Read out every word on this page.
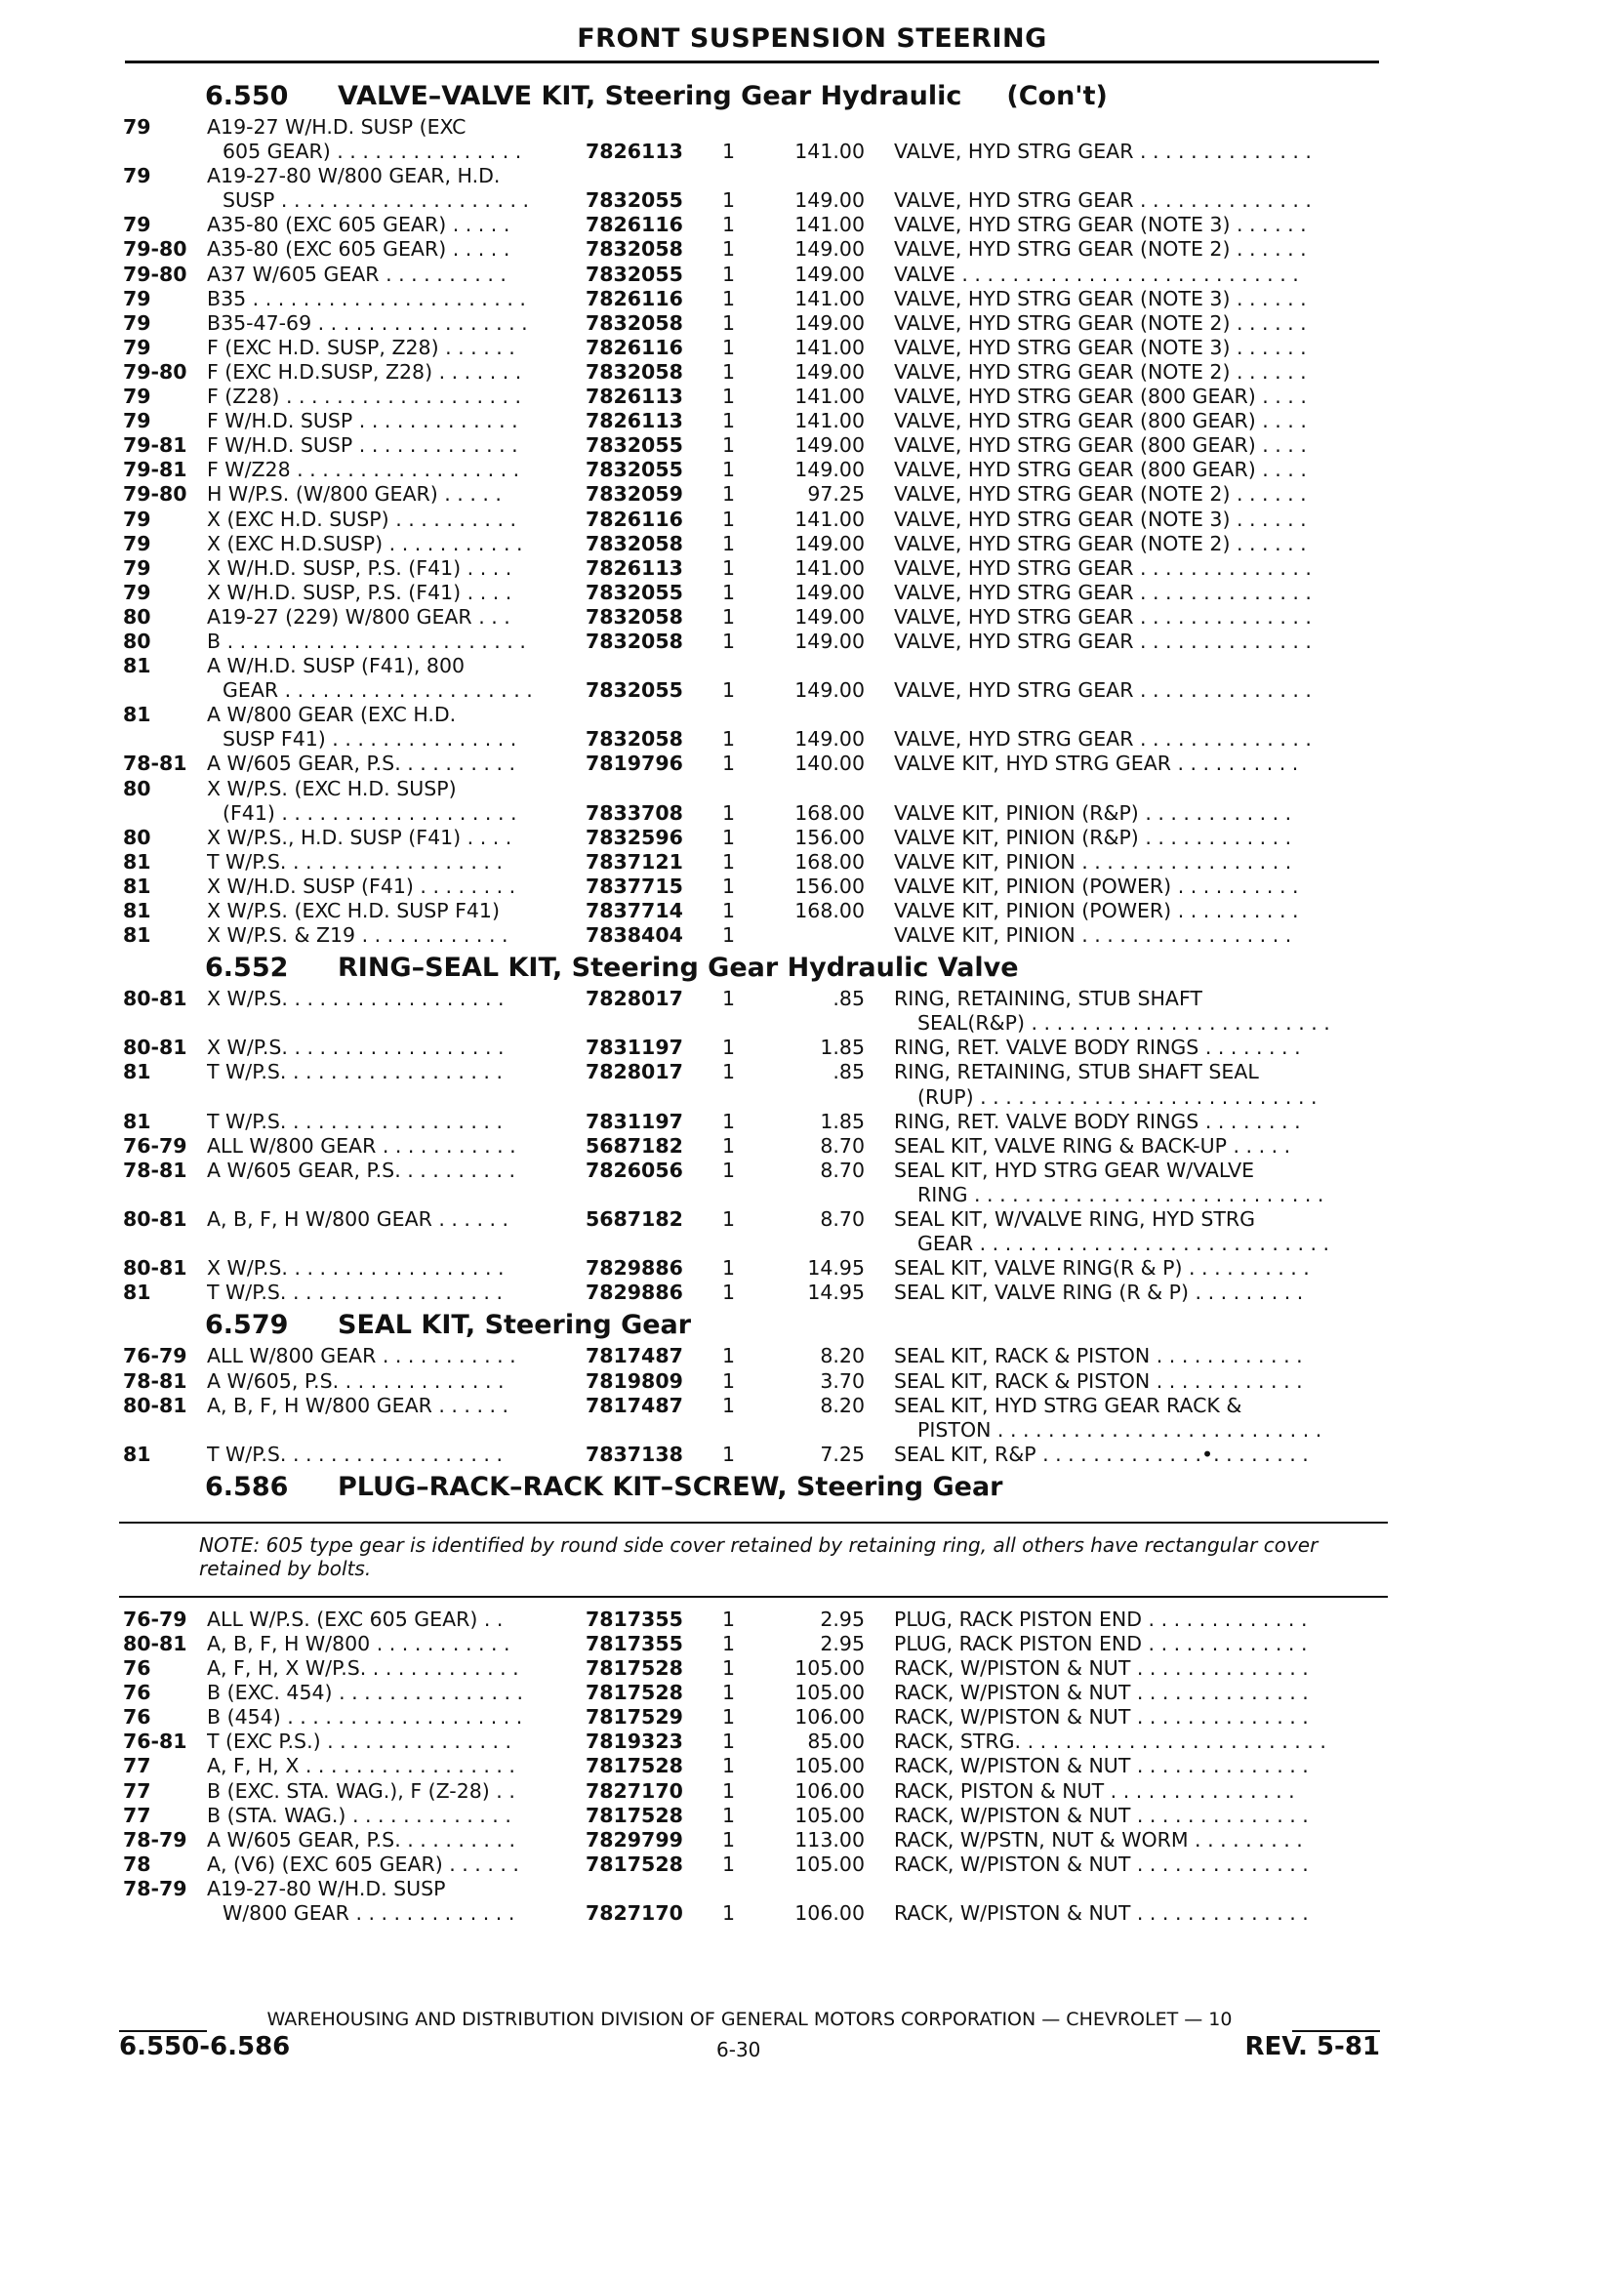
FRONT SUSPENSION STEERING
6.550	VALVE–VALVE KIT, Steering Gear Hydraulic (Con't)
79	A19-27 W/H.D. SUSP (EXC
605 GEAR) . . . . . . . . . . . . . . .	7826113 1	141.00 VALVE, HYD STRG GEAR . . . . . . . . . . . . . .
79	A19-27-80 W/800 GEAR, H.D.
SUSP . . . . . . . . . . . . . . . . . . . .	7832055 1	149.00 VALVE, HYD STRG GEAR . . . . . . . . . . . . . .
79	A35-80 (EXC 605 GEAR) . . . . .	7826116 1	141.00 VALVE, HYD STRG GEAR (NOTE 3) . . . . . .
79-80 A35-80 (EXC 605 GEAR) . . . . .	7832058 1	149.00 VALVE, HYD STRG GEAR (NOTE 2) . . . . . .
79-80 A37 W/605 GEAR . . . . . . . . . .	7832055 1	149.00 VALVE . . . . . . . . . . . . . . . . . . . . . . . . . . .
79	B35 . . . . . . . . . . . . . . . . . . . . . .	7826116 1	141.00 VALVE, HYD STRG GEAR (NOTE 3) . . . . . .
79	B35-47-69 . . . . . . . . . . . . . . . . .	7832058 1	149.00 VALVE, HYD STRG GEAR (NOTE 2) . . . . . .
79	F (EXC H.D. SUSP, Z28) . . . . . .	7826116 1	141.00 VALVE, HYD STRG GEAR (NOTE 3) . . . . . .
79-80 F (EXC H.D.SUSP, Z28) . . . . . . .	7832058 1	149.00 VALVE, HYD STRG GEAR (NOTE 2) . . . . . .
79	F (Z28) . . . . . . . . . . . . . . . . . . .	7826113 1	141.00 VALVE, HYD STRG GEAR (800 GEAR) . . . .
79	F W/H.D. SUSP . . . . . . . . . . . . .	7826113 1	141.00 VALVE, HYD STRG GEAR (800 GEAR) . . . .
79-81 F W/H.D. SUSP . . . . . . . . . . . . .	7832055 1	149.00 VALVE, HYD STRG GEAR (800 GEAR) . . . .
79-81 F W/Z28 . . . . . . . . . . . . . . . . . .	7832055 1	149.00 VALVE, HYD STRG GEAR (800 GEAR) . . . .
79-80 H W/P.S. (W/800 GEAR) . . . . .	7832059 1	97.25 VALVE, HYD STRG GEAR (NOTE 2) . . . . . .
79	X (EXC H.D. SUSP) . . . . . . . . . .	7826116 1	141.00 VALVE, HYD STRG GEAR (NOTE 3) . . . . . .
79	X (EXC H.D.SUSP) . . . . . . . . . . .	7832058 1	149.00 VALVE, HYD STRG GEAR (NOTE 2) . . . . . .
79	X W/H.D. SUSP, P.S. (F41) . . . .	7826113 1	141.00 VALVE, HYD STRG GEAR . . . . . . . . . . . . . .
79	X W/H.D. SUSP, P.S. (F41) . . . .	7832055 1	149.00 VALVE, HYD STRG GEAR . . . . . . . . . . . . . .
80	A19-27 (229) W/800 GEAR . . .	7832058 1	149.00 VALVE, HYD STRG GEAR . . . . . . . . . . . . . .
80	B . . . . . . . . . . . . . . . . . . . . . . . .	7832058 1	149.00 VALVE, HYD STRG GEAR . . . . . . . . . . . . . .
81	A W/H.D. SUSP (F41), 800
GEAR . . . . . . . . . . . . . . . . . . . .	7832055 1	149.00 VALVE, HYD STRG GEAR . . . . . . . . . . . . . .
81	A W/800 GEAR (EXC H.D.
SUSP F41) . . . . . . . . . . . . . . .	7832058 1	149.00 VALVE, HYD STRG GEAR . . . . . . . . . . . . . .
78-81 A W/605 GEAR, P.S. . . . . . . . . .	7819796 1	140.00 VALVE KIT, HYD STRG GEAR . . . . . . . . . .
80	X W/P.S. (EXC H.D. SUSP)
(F41) . . . . . . . . . . . . . . . . . . .	7833708 1	168.00 VALVE KIT, PINION (R&P) . . . . . . . . . . . .
80	X W/P.S., H.D. SUSP (F41) . . . .	7832596 1	156.00 VALVE KIT, PINION (R&P) . . . . . . . . . . . .
81	T W/P.S. . . . . . . . . . . . . . . . . .	7837121 1	168.00 VALVE KIT, PINION . . . . . . . . . . . . . . . . .
81	X W/H.D. SUSP (F41) . . . . . . . .	7837715 1	156.00 VALVE KIT, PINION (POWER) . . . . . . . . . .
81	X W/P.S. (EXC H.D. SUSP F41)	7837714 1	168.00 VALVE KIT, PINION (POWER) . . . . . . . . . .
81	X W/P.S. & Z19 . . . . . . . . . . . .	7838404 1	VALVE KIT, PINION . . . . . . . . . . . . . . . . .
6.552	RING–SEAL KIT, Steering Gear Hydraulic Valve
80-81 X W/P.S. . . . . . . . . . . . . . . . . .	7828017 1	.85 RING, RETAINING, STUB SHAFT
SEAL(R&P) . . . . . . . . . . . . . . . . . . . . . . . .
80-81 X W/P.S. . . . . . . . . . . . . . . . . .	7831197 1	1.85 RING, RET. VALVE BODY RINGS . . . . . . . .
81	T W/P.S. . . . . . . . . . . . . . . . . .	7828017 1	.85 RING, RETAINING, STUB SHAFT SEAL
(RUP) . . . . . . . . . . . . . . . . . . . . . . . . . . .
81	T W/P.S. . . . . . . . . . . . . . . . . .	7831197 1	1.85 RING, RET. VALVE BODY RINGS . . . . . . . .
76-79 ALL W/800 GEAR . . . . . . . . . . .	5687182 1	8.70 SEAL KIT, VALVE RING & BACK-UP . . . . .
78-81 A W/605 GEAR, P.S. . . . . . . . . .	7826056 1	8.70 SEAL KIT, HYD STRG GEAR W/VALVE
RING . . . . . . . . . . . . . . . . . . . . . . . . . . . .
80-81 A, B, F, H W/800 GEAR . . . . . .	5687182 1	8.70 SEAL KIT, W/VALVE RING, HYD STRG
GEAR . . . . . . . . . . . . . . . . . . . . . . . . . . . .
80-81 X W/P.S. . . . . . . . . . . . . . . . . .	7829886 1	14.95 SEAL KIT, VALVE RING(R & P) . . . . . . . . . .
81	T W/P.S. . . . . . . . . . . . . . . . . .	7829886 1	14.95 SEAL KIT, VALVE RING (R & P) . . . . . . . . .
6.579	SEAL KIT, Steering Gear
76-79 ALL W/800 GEAR . . . . . . . . . . .	7817487 1	8.20 SEAL KIT, RACK & PISTON . . . . . . . . . . . .
78-81 A W/605, P.S. . . . . . . . . . . . . .	7819809 1	3.70 SEAL KIT, RACK & PISTON . . . . . . . . . . . .
80-81 A, B, F, H W/800 GEAR . . . . . .	7817487 1	8.20 SEAL KIT, HYD STRG GEAR RACK &
PISTON . . . . . . . . . . . . . . . . . . . . . . . . . .
81	T W/P.S. . . . . . . . . . . . . . . . . .	7837138 1	7.25 SEAL KIT, R&P . . . . . . . . . . . . .•. . . . . . . .
6.586	PLUG–RACK–RACK KIT–SCREW, Steering Gear
NOTE: 605 type gear is identified by round side cover retained by retaining ring, all others have rectangular cover retained by bolts.
76-79 ALL W/P.S. (EXC 605 GEAR) . .	7817355 1	2.95 PLUG, RACK PISTON END . . . . . . . . . . . . .
80-81 A, B, F, H W/800 . . . . . . . . . . .	7817355 1	2.95 PLUG, RACK PISTON END . . . . . . . . . . . . .
76	A, F, H, X W/P.S. . . . . . . . . . . . .	7817528 1	105.00 RACK, W/PISTON & NUT . . . . . . . . . . . . . .
76	B (EXC. 454) . . . . . . . . . . . . . . .	7817528 1	105.00 RACK, W/PISTON & NUT . . . . . . . . . . . . . .
76	B (454) . . . . . . . . . . . . . . . . . . .	7817529 1	106.00 RACK, W/PISTON & NUT . . . . . . . . . . . . . .
76-81 T (EXC P.S.) . . . . . . . . . . . . . . .	7819323 1	85.00 RACK, STRG. . . . . . . . . . . . . . . . . . . . . . . . .
77	A, F, H, X . . . . . . . . . . . . . . . . .	7817528 1	105.00 RACK, W/PISTON & NUT . . . . . . . . . . . . . .
77	B (EXC. STA. WAG.), F (Z-28) . .	7827170 1	106.00 RACK, PISTON & NUT . . . . . . . . . . . . . . .
77	B (STA. WAG.) . . . . . . . . . . . . .	7817528 1	105.00 RACK, W/PISTON & NUT . . . . . . . . . . . . . .
78-79 A W/605 GEAR, P.S. . . . . . . . . .	7829799 1	113.00 RACK, W/PSTN, NUT & WORM . . . . . . . . .
78	A, (V6) (EXC 605 GEAR) . . . . . .	7817528 1	105.00 RACK, W/PISTON & NUT . . . . . . . . . . . . . .
78-79 A19-27-80 W/H.D. SUSP
W/800 GEAR . . . . . . . . . . . . .	7827170 1	106.00 RACK, W/PISTON & NUT . . . . . . . . . . . . . .
WAREHOUSING AND DISTRIBUTION DIVISION OF GENERAL MOTORS CORPORATION — CHEVROLET — 10
6.550-6.586	6-30	REV. 5-81
